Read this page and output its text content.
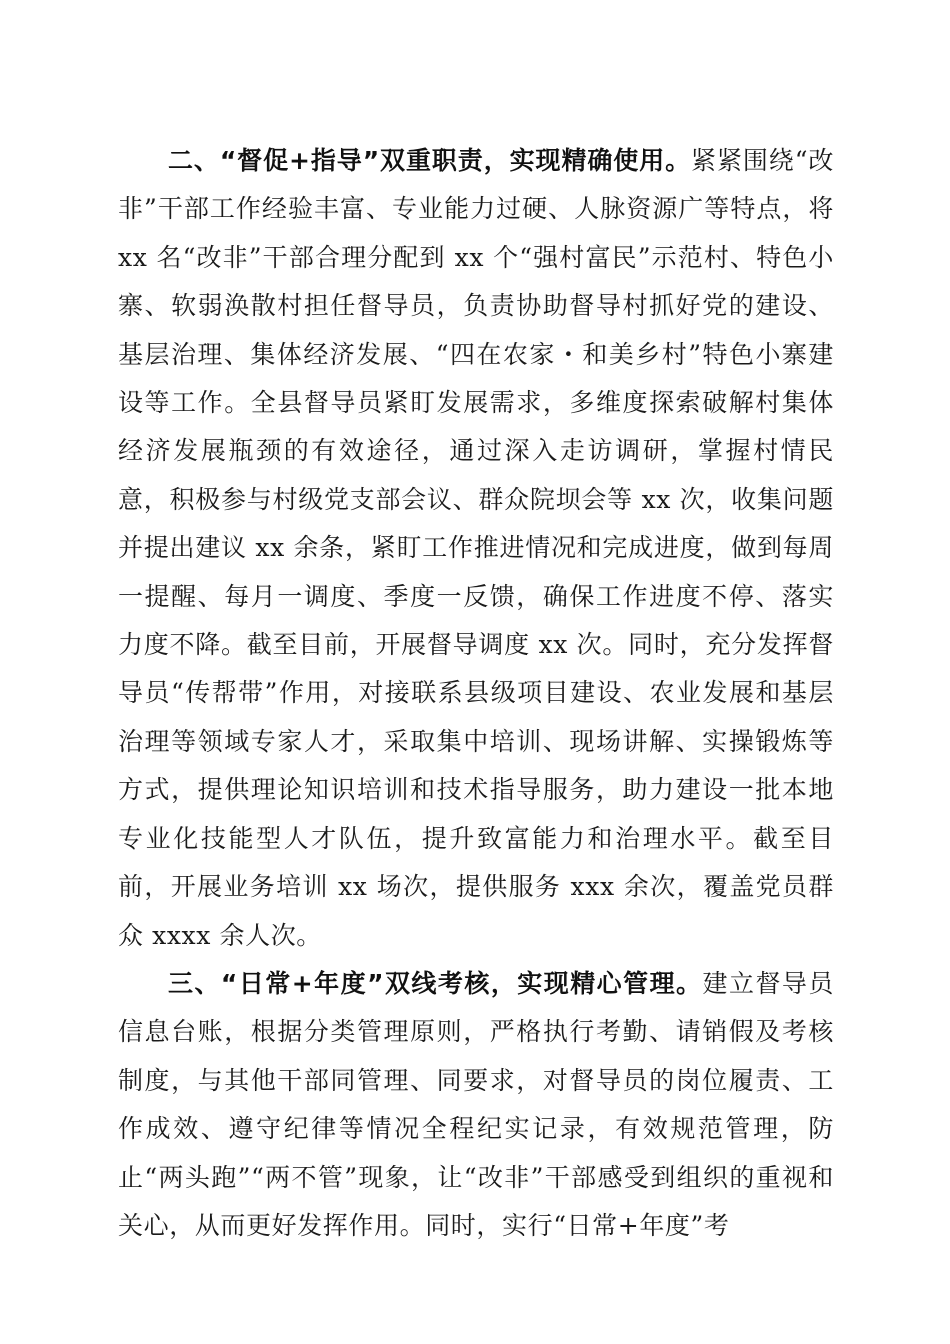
二、“督促+指导”双重职责，实现精确使用。紧紧围绕“改非”干部工作经验丰富、专业能力过硬、人脉资源广等特点，将 xx 名“改非”干部合理分配到 xx 个“强村富民”示范村、特色小寨、软弱涣散村担任督导员，负责协助督导村抓好党的建设、基层治理、集体经济发展、“四在农家・和美乡村”特色小寨建设等工作。全县督导员紧盯发展需求，多维度探索破解村集体经济发展瓶颈的有效途径，通过深入走访调研，掌握村情民意，积极参与村级党支部会议、群众院坝会等 xx 次，收集问题并提出建议 xx 余条，紧盯工作推进情况和完成进度，做到每周一提醒、每月一调度、季度一反馈，确保工作进度不停、落实力度不降。截至目前，开展督导调度 xx 次。同时，充分发挥督导员“传帮带”作用，对接联系县级项目建设、农业发展和基层治理等领域专家人才，采取集中培训、现场讲解、实操锻炼等方式，提供理论知识培训和技术指导服务，助力建设一批本地专业化技能型人才队伍，提升致富能力和治理水平。截至目前，开展业务培训 xx 场次，提供服务 xxx 余次，覆盖党员群众 xxxx 余人次。

三、“日常+年度”双线考核，实现精心管理。建立督导员信息台账，根据分类管理原则，严格执行考勤、请销假及考核制度，与其他干部同管理、同要求，对督导员的岗位履责、工作成效、遵守纪律等情况全程纪实记录，有效规范管理，防止“两头跑”“两不管”现象，让“改非”干部感受到组织的重视和关心，从而更好发挥作用。同时，实行“日常+年度”考
